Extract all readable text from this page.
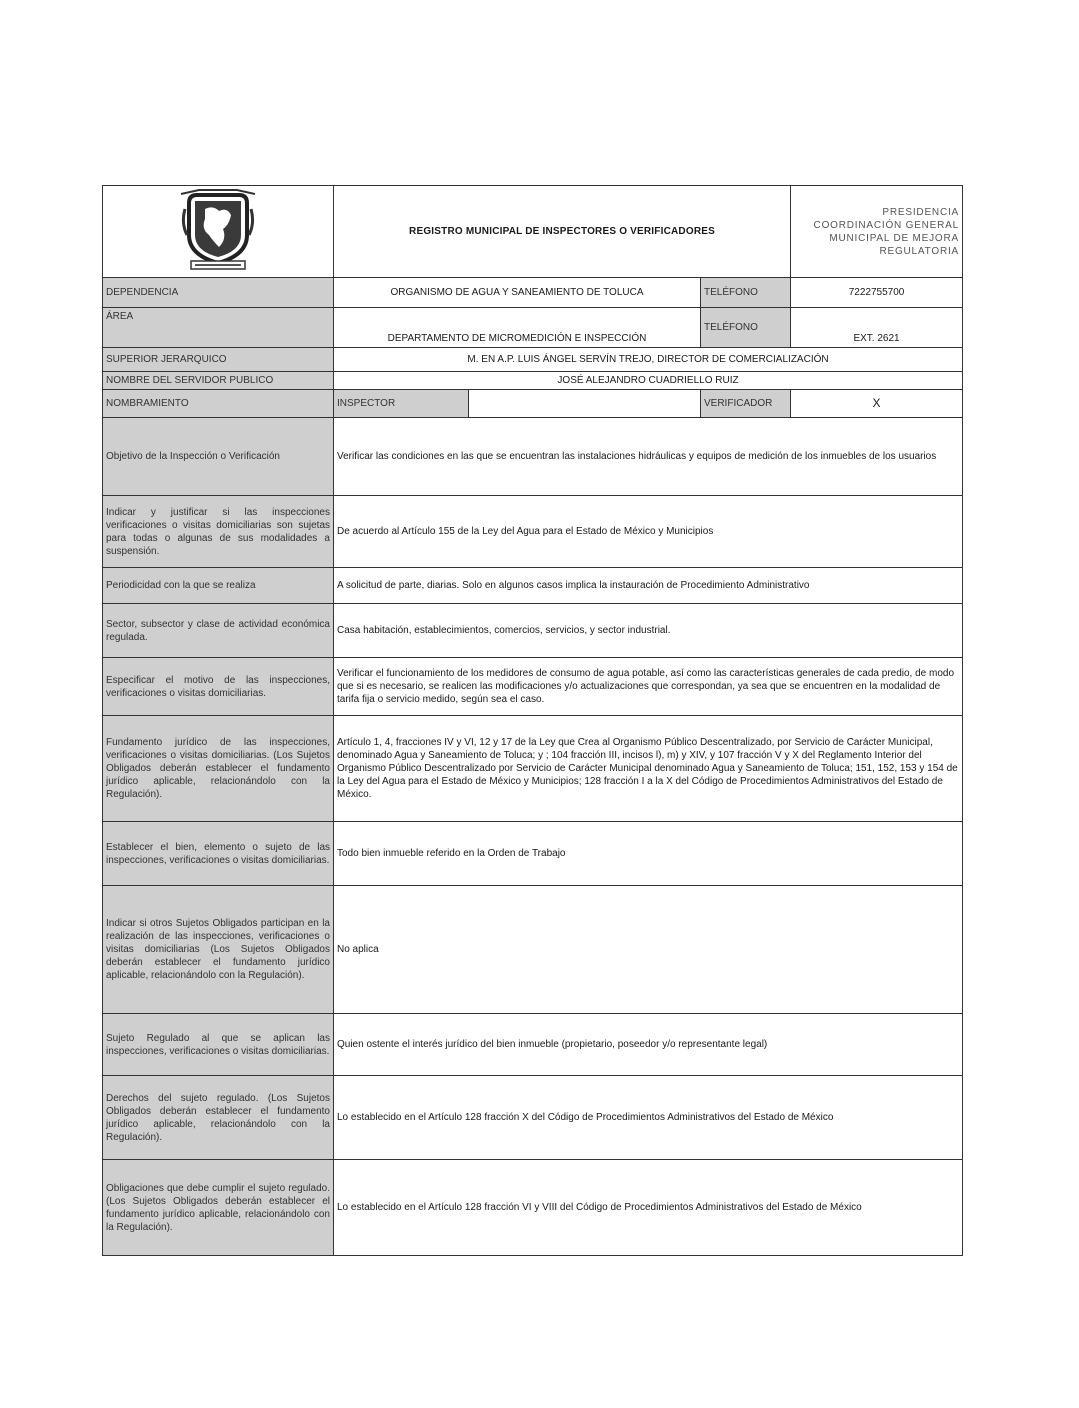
	REGISTRO MUNICIPAL DE INSPECTORES O VERIFICADORES			PRESIDENCIA
COORDINACIÓN GENERAL
MUNICIPAL DE MEJORA
REGULATORIA

DEPENDENCIA	ORGANISMO DE AGUA Y SANEAMIENTO DE TOLUCA		TELÉFONO	7222755700
ÁREA	DEPARTAMENTO DE MICROMEDICIÓN E INSPECCIÓN		TELÉFONO	EXT. 2621
SUPERIOR JERARQUICO	M. EN A.P. LUIS ÁNGEL SERVÍN TREJO, DIRECTOR DE COMERCIALIZACIÓN			
NOMBRE DEL SERVIDOR PUBLICO	JOSÉ ALEJANDRO CUADRIELLO RUIZ			
NOMBRAMIENTO	INSPECTOR		VERIFICADOR	X
Objetivo de la Inspección o Verificación	Verificar las condiciones en las que se encuentran las instalaciones hidráulicas y equipos de medición de los inmuebles de los usuarios			
Indicar y justificar si las inspecciones verificaciones o visitas domiciliarias son sujetas para todas o algunas de sus modalidades a suspensión.	De acuerdo al Artículo 155 de la Ley del Agua para el Estado de México y Municipios			
Periodicidad con la que se realiza	A solicitud de parte, diarias. Solo en algunos casos implica la instauración de Procedimiento Administrativo			
Sector, subsector y clase de actividad económica regulada.	Casa habitación, establecimientos, comercios, servicios, y sector industrial.			
Especificar el motivo de las inspecciones, verificaciones o visitas domiciliarias.	Verificar el funcionamiento de los medidores de consumo de agua potable, así como las características generales de cada predio, de modo que si es necesario, se realicen las modificaciones y/o actualizaciones que correspondan, ya sea que se encuentren en la modalidad de tarifa fija o servicio medido, según sea el caso.			
Fundamento jurídico de las inspecciones, verificaciones o visitas domiciliarias. (Los Sujetos Obligados deberán establecer el fundamento jurídico aplicable, relacionándolo con la Regulación).	Artículo 1, 4, fracciones IV y VI, 12 y 17 de la Ley que Crea al Organismo Público Descentralizado, por Servicio de Carácter Municipal, denominado Agua y Saneamiento de Toluca; y ; 104 fracción III, incisos l), m) y XIV, y 107 fracción V y X del Reglamento Interior del Organismo Público Descentralizado por Servicio de Carácter Municipal denominado Agua y Saneamiento de Toluca; 151, 152, 153 y 154 de la Ley del Agua para el Estado de México y Municipios; 128 fracción I a la X del Código de Procedimientos Administrativos del Estado de México.			
Establecer el bien, elemento o sujeto de las inspecciones, verificaciones o visitas domiciliarias.	Todo bien inmueble referido en la Orden de Trabajo			
Indicar si otros Sujetos Obligados participan en la realización de las inspecciones, verificaciones o visitas domiciliarias (Los Sujetos Obligados deberán establecer el fundamento jurídico aplicable, relacionándolo con la Regulación).	No aplica			
Sujeto Regulado al que se aplican las inspecciones, verificaciones o visitas domiciliarias.	Quien ostente el interés jurídico del bien inmueble (propietario, poseedor y/o representante legal)			
Derechos del sujeto regulado. (Los Sujetos Obligados deberán establecer el fundamento jurídico aplicable, relacionándolo con la Regulación).	Lo establecido en el Artículo 128 fracción X del Código de Procedimientos Administrativos del Estado de México			
Obligaciones que debe cumplir el sujeto regulado. (Los Sujetos Obligados deberán establecer el fundamento jurídico aplicable, relacionándolo con la Regulación).	Lo establecido en el Artículo 128 fracción VI y VIII del Código de Procedimientos Administrativos del Estado de México			
